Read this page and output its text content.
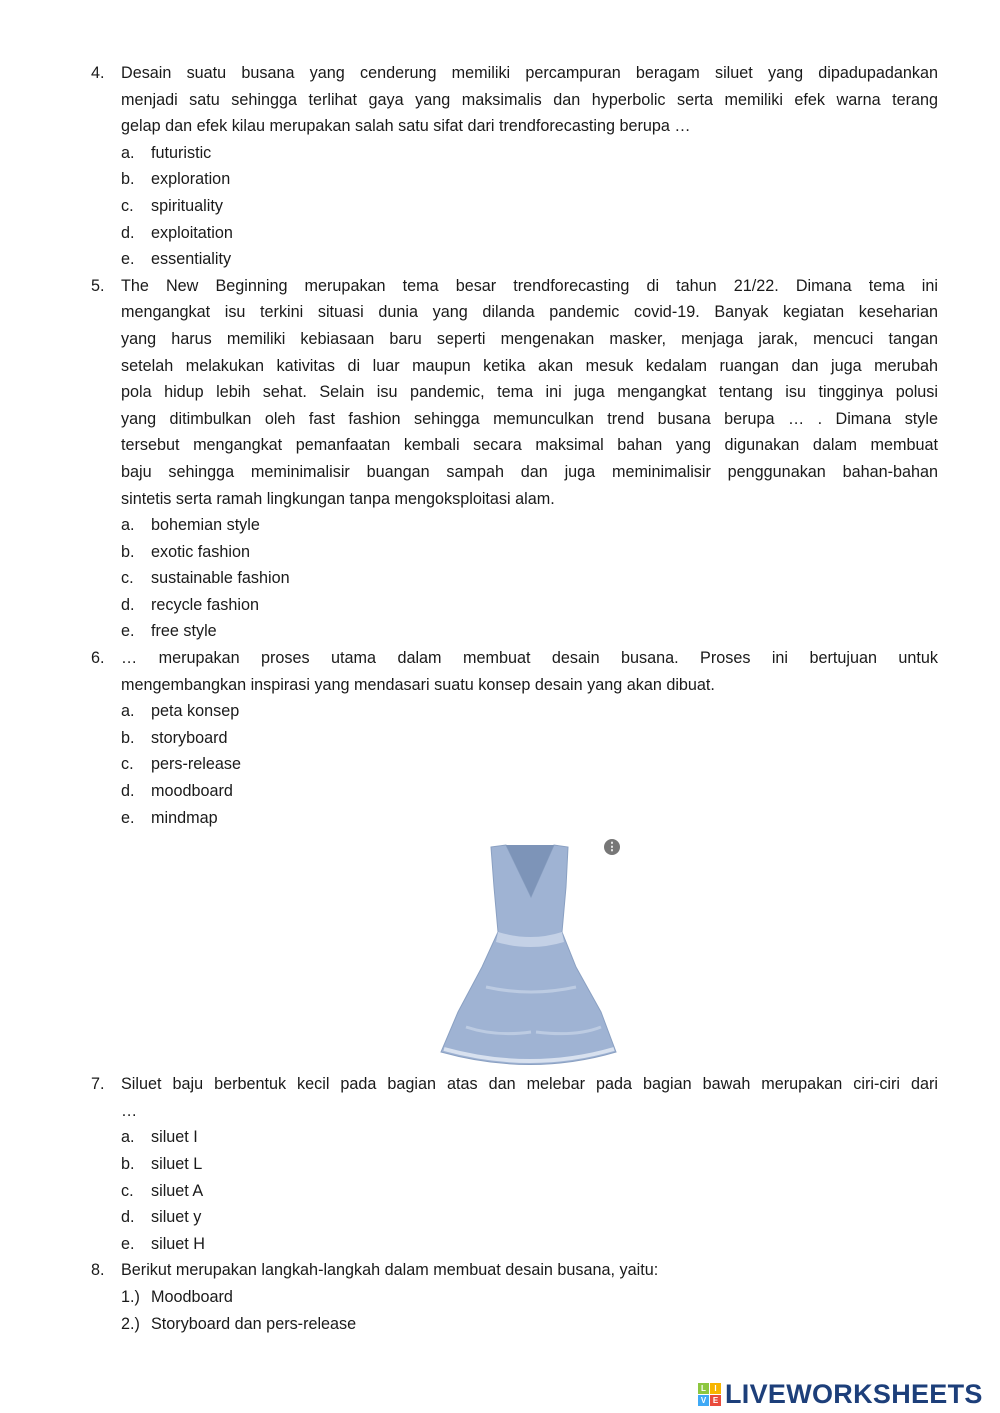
4. Desain suatu busana yang cenderung memiliki percampuran beragam siluet yang dipadupadankan
menjadi satu sehingga terlihat gaya yang maksimalis dan hyperbolic serta memiliki efek warna terang
gelap dan efek kilau merupakan salah satu sifat dari trendforecasting berupa …
a. futuristic
b. exploration
c. spirituality
d. exploitation
e. essentiality
5. The New Beginning merupakan tema besar trendforecasting di tahun 21/22. Dimana tema ini
mengangkat isu terkini situasi dunia yang dilanda pandemic covid-19. Banyak kegiatan keseharian
yang harus memiliki kebiasaan baru seperti mengenakan masker, menjaga jarak, mencuci tangan
setelah melakukan kativitas di luar maupun ketika akan mesuk kedalam ruangan dan juga merubah
pola hidup lebih sehat. Selain isu pandemic, tema ini juga mengangkat tentang isu tingginya polusi
yang ditimbulkan oleh fast fashion sehingga memunculkan trend busana berupa … . Dimana style
tersebut mengangkat pemanfaatan kembali secara maksimal bahan yang digunakan dalam membuat
baju sehingga meminimalisir buangan sampah dan juga meminimalisir penggunakan bahan-bahan
sintetis serta ramah lingkungan tanpa mengoksploitasi alam.
a. bohemian style
b. exotic fashion
c. sustainable fashion
d. recycle fashion
e. free style
6. … merupakan proses utama dalam membuat desain busana. Proses ini bertujuan untuk
mengembangkan inspirasi yang mendasari suatu konsep desain yang akan dibuat.
a. peta konsep
b. storyboard
c. pers-release
d. moodboard
e. mindmap
⋮
7. Siluet baju berbentuk kecil pada bagian atas dan melebar pada bagian bawah merupakan ciri-ciri dari
…
a. siluet I
b. siluet L
c. siluet A
d. siluet y
e. siluet H
8. Berikut merupakan langkah-langkah dalam membuat desain busana, yaitu:
1.) Moodboard
2.) Storyboard dan pers-release
L	I
V E LIVEWORKSHEETS
